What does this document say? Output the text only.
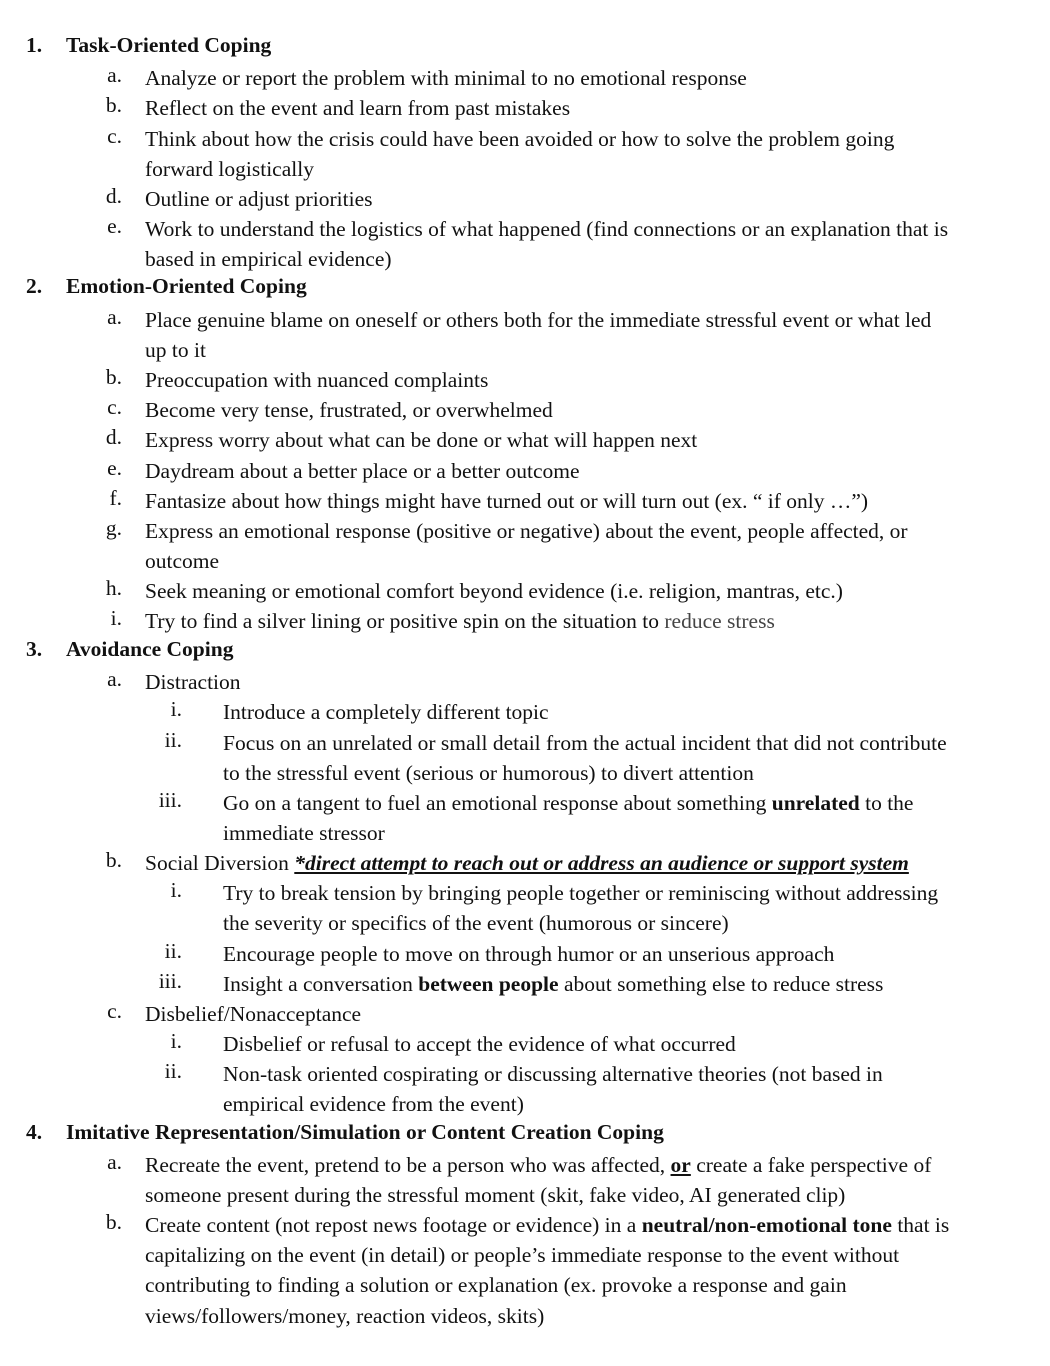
1. Task-Oriented Coping
a. Analyze or report the problem with minimal to no emotional response
b. Reflect on the event and learn from past mistakes
c. Think about how the crisis could have been avoided or how to solve the problem going
forward logistically
d. Outline or adjust priorities
e. Work to understand the logistics of what happened (find connections or an explanation that is
based in empirical evidence)
2. Emotion-Oriented Coping
a. Place genuine blame on oneself or others both for the immediate stressful event or what led
up to it
b. Preoccupation with nuanced complaints
c. Become very tense, frustrated, or overwhelmed
d. Express worry about what can be done or what will happen next
e. Daydream about a better place or a better outcome
f. Fantasize about how things might have turned out or will turn out (ex. “ if only …”)
g. Express an emotional response (positive or negative) about the event, people affected, or
outcome
h. Seek meaning or emotional comfort beyond evidence (i.e. religion, mantras, etc.)
i. Try to find a silver lining or positive spin on the situation to reduce stress
3. Avoidance Coping
a. Distraction
i. Introduce a completely different topic
ii. Focus on an unrelated or small detail from the actual incident that did not contribute
to the stressful event (serious or humorous) to divert attention
iii. Go on a tangent to fuel an emotional response about something unrelated to the
immediate stressor
b. Social Diversion *direct attempt to reach out or address an audience or support system
i. Try to break tension by bringing people together or reminiscing without addressing
the severity or specifics of the event (humorous or sincere)
ii. Encourage people to move on through humor or an unserious approach
iii. Insight a conversation between people about something else to reduce stress
c. Disbelief/Nonacceptance
i. Disbelief or refusal to accept the evidence of what occurred
ii. Non-task oriented cospirating or discussing alternative theories (not based in
empirical evidence from the event)
4. Imitative Representation/Simulation or Content Creation Coping
a. Recreate the event, pretend to be a person who was affected, or create a fake perspective of
someone present during the stressful moment (skit, fake video, AI generated clip)
b. Create content (not repost news footage or evidence) in a neutral/non-emotional tone that is
capitalizing on the event (in detail) or people’s immediate response to the event without
contributing to finding a solution or explanation (ex. provoke a response and gain
views/followers/money, reaction videos, skits)
